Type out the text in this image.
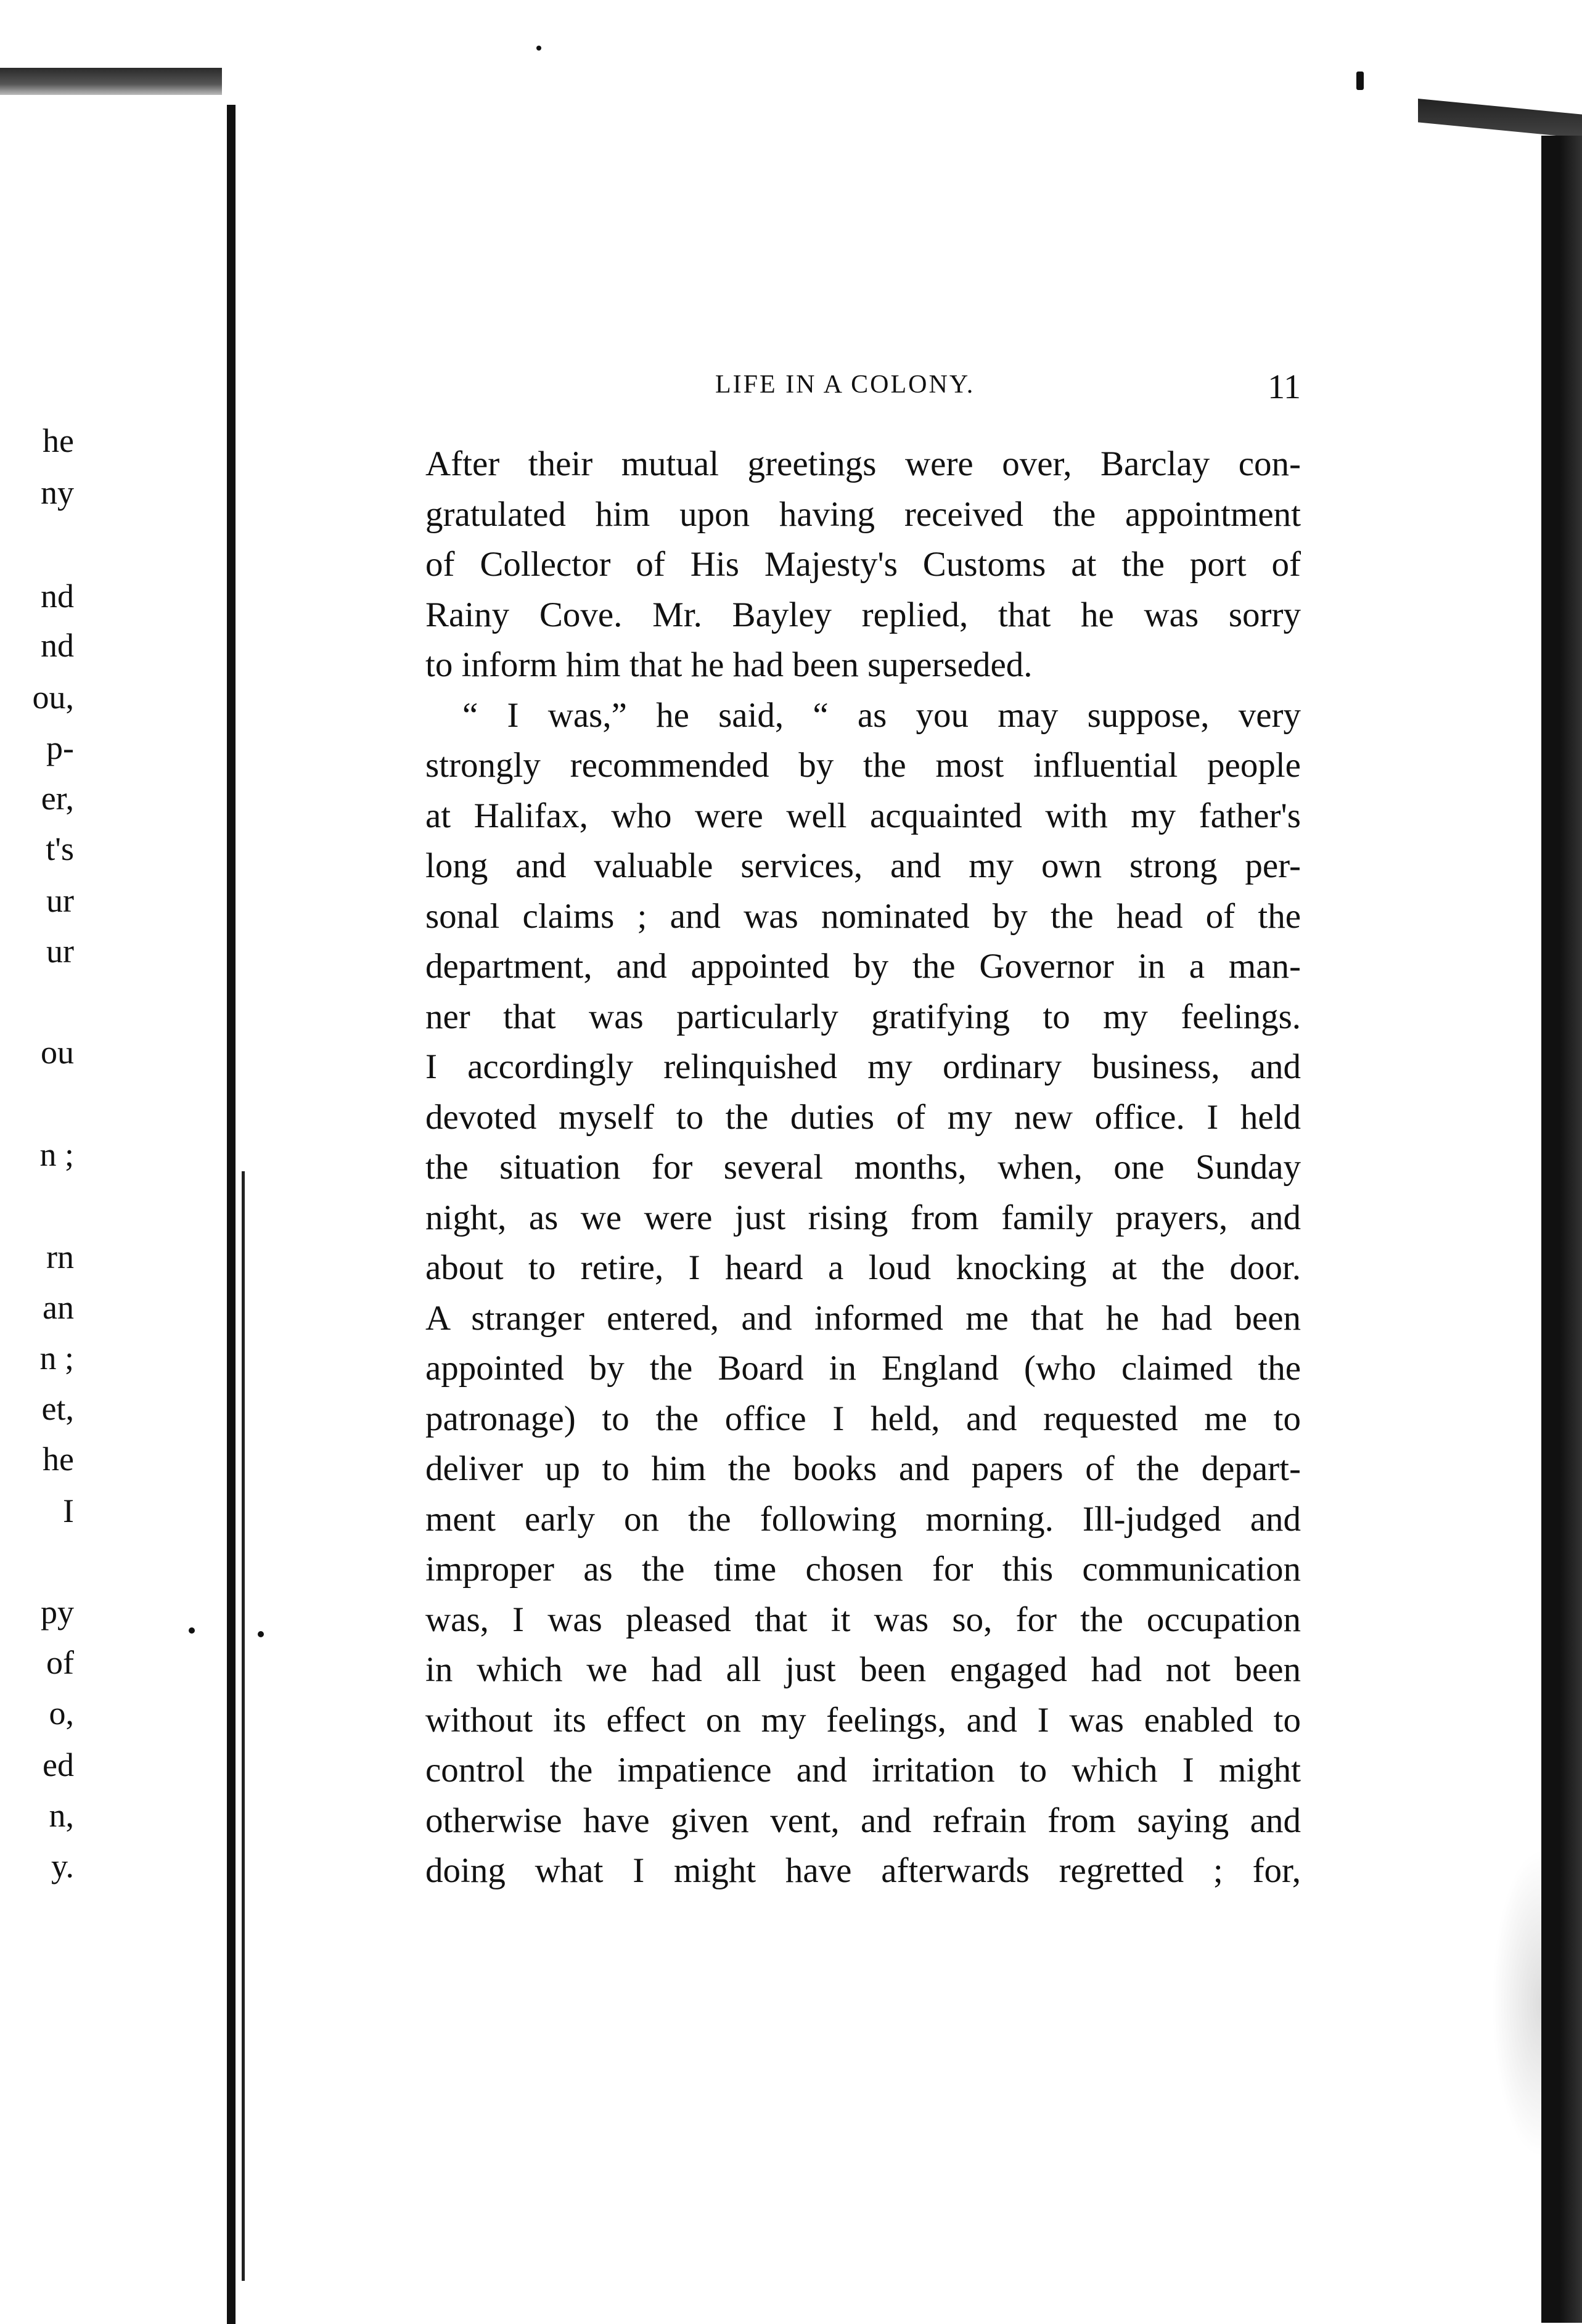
he
ny
nd
nd
ou,
p-
er,
t's
ur
ur
ou
n ;
rn
an
n ;
et,
he
I
py
of
o,
ed
n,
y.
LIFE IN A COLONY.	11
After their mutual greetings were over, Barclay con-
gratulated him upon having received the appointment
of Collector of His Majesty's Customs at the port of
Rainy Cove. Mr. Bayley replied, that he was sorry
to inform him that he had been superseded.
“ I was,” he said, “ as you may suppose, very
strongly recommended by the most influential people
at Halifax, who were well acquainted with my father's
long and valuable services, and my own strong per-
sonal claims ; and was nominated by the head of the
department, and appointed by the Governor in a man-
ner that was particularly gratifying to my feelings.
I accordingly relinquished my ordinary business, and
devoted myself to the duties of my new office. I held
the situation for several months, when, one Sunday
night, as we were just rising from family prayers, and
about to retire, I heard a loud knocking at the door.
A stranger entered, and informed me that he had been
appointed by the Board in England (who claimed the
patronage) to the office I held, and requested me to
deliver up to him the books and papers of the depart-
ment early on the following morning. Ill-judged and
improper as the time chosen for this communication
was, I was pleased that it was so, for the occupation
in which we had all just been engaged had not been
without its effect on my feelings, and I was enabled to
control the impatience and irritation to which I might
otherwise have given vent, and refrain from saying and
doing what I might have afterwards regretted ; for,
